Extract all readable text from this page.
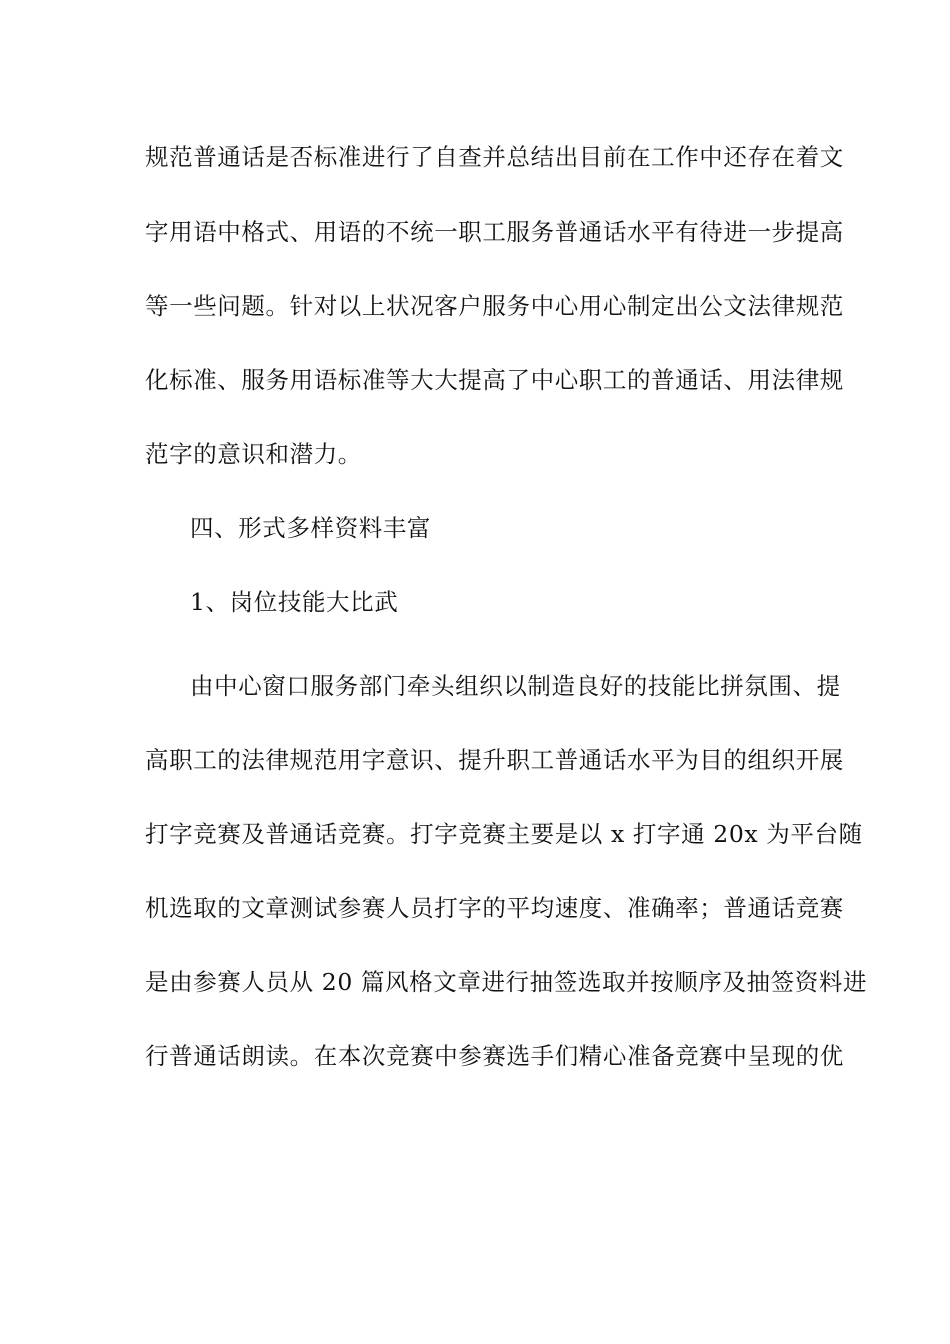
规范普通话是否标准进行了自查并总结出目前在工作中还存在着文
字用语中格式、用语的不统一职工服务普通话水平有待进一步提高
等一些问题。针对以上状况客户服务中心用心制定出公文法律规范
化标准、服务用语标准等大大提高了中心职工的普通话、用法律规
范字的意识和潜力。
四、形式多样资料丰富
1、岗位技能大比武
由中心窗口服务部门牵头组织以制造良好的技能比拼氛围、提
高职工的法律规范用字意识、提升职工普通话水平为目的组织开展
打字竞赛及普通话竞赛。打字竞赛主要是以 x 打字通 20x 为平台随
机选取的文章测试参赛人员打字的平均速度、准确率；普通话竞赛
是由参赛人员从 20 篇风格文章进行抽签选取并按顺序及抽签资料进
行普通话朗读。在本次竞赛中参赛选手们精心准备竞赛中呈现的优
